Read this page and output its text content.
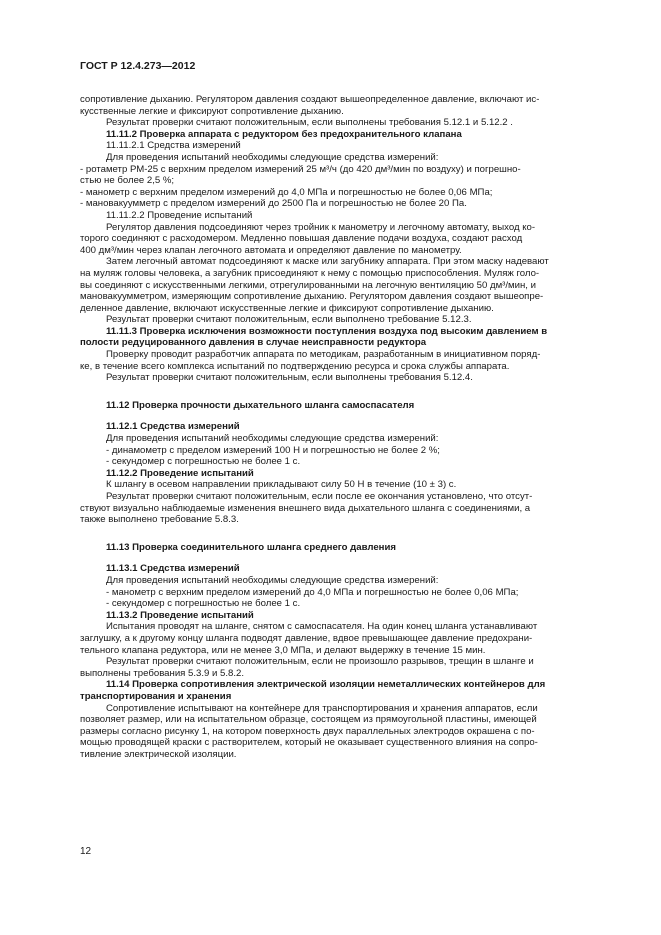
ГОСТ Р 12.4.273—2012

сопротивление дыханию. Регулятором давления создают вышеопределенное давление, включают ис-

кусственные легкие и фиксируют сопротивление дыханию.

Результат проверки считают положительным, если выполнены требования 5.12.1 и 5.12.2 .

11.11.2 Проверка аппарата с редуктором без предохранительного клапана

11.11.2.1 Средства измерений

Для проведения испытаний необходимы следующие средства измерений:

- ротаметр РМ-25 с верхним пределом измерений 25 м³/ч (до 420 дм³/мин по воздуху) и погрешно-

стью не более 2,5 %;

- манометр с верхним пределом измерений до 4,0 МПа и погрешностью не более 0,06 МПа;

- мановакуумметр с пределом измерений до 2500 Па и погрешностью не более 20 Па.

11.11.2.2 Проведение испытаний

Регулятор давления подсоединяют через тройник к манометру и легочному автомату, выход ко-

торого соединяют с расходомером. Медленно повышая давление подачи воздуха, создают расход

400 дм³/мин через клапан легочного автомата и определяют давление по манометру.

Затем легочный автомат подсоединяют к маске или загубнику аппарата. При этом маску надевают

на муляж головы человека, а загубник присоединяют к нему с помощью приспособления. Муляж голо-

вы соединяют с искусственными легкими, отрегулированными на легочную вентиляцию 50 дм³/мин, и

мановакуумметром, измеряющим сопротивление дыханию. Регулятором давления создают вышеопре-

деленное давление, включают искусственные легкие и фиксируют сопротивление дыханию.

Результат проверки считают положительным, если выполнено требование 5.12.3.

11.11.3 Проверка исключения возможности поступления воздуха под высоким давлением в

полости редуцированного давления в случае неисправности редуктора

Проверку проводит разработчик аппарата по методикам, разработанным в инициативном поряд-

ке, в течение всего комплекса испытаний по подтверждению ресурса и срока службы аппарата.

Результат проверки считают положительным, если выполнены требования 5.12.4.

11.12 Проверка прочности дыхательного шланга самоспасателя

11.12.1 Средства измерений

Для проведения испытаний необходимы следующие средства измерений:

- динамометр с пределом измерений 100 Н и погрешностью не более 2 %;

- секундомер с погрешностью не более 1 с.

11.12.2 Проведение испытаний

К шлангу в осевом направлении прикладывают силу 50 Н в течение (10 ± 3) с.

Результат проверки считают положительным, если после ее окончания установлено, что отсут-

ствуют визуально наблюдаемые изменения внешнего вида дыхательного шланга с соединениями, а

также выполнено требование 5.8.3.

11.13 Проверка соединительного шланга среднего давления

11.13.1 Средства измерений

Для проведения испытаний необходимы следующие средства измерений:

- манометр с верхним пределом измерений до 4,0 МПа и погрешностью не более 0,06 МПа;

- секундомер с погрешностью не более 1 с.

11.13.2 Проведение испытаний

Испытания проводят на шланге, снятом с самоспасателя. На один конец шланга устанавливают

заглушку, а к другому концу шланга подводят давление, вдвое превышающее давление предохрани-

тельного клапана редуктора, или не менее 3,0 МПа, и делают выдержку в течение 15 мин.

Результат проверки считают положительным, если не произошло разрывов, трещин в шланге и

выполнены требования 5.3.9 и 5.8.2.

11.14 Проверка сопротивления электрической изоляции неметаллических контейнеров для

транспортирования и хранения

Сопротивление испытывают на контейнере для транспортирования и хранения аппаратов, если

позволяет размер, или на испытательном образце, состоящем из прямоугольной пластины, имеющей

размеры согласно рисунку 1, на котором поверхность двух параллельных электродов окрашена с по-

мощью проводящей краски с растворителем, который не оказывает существенного влияния на сопро-

тивление электрической изоляции.

12
